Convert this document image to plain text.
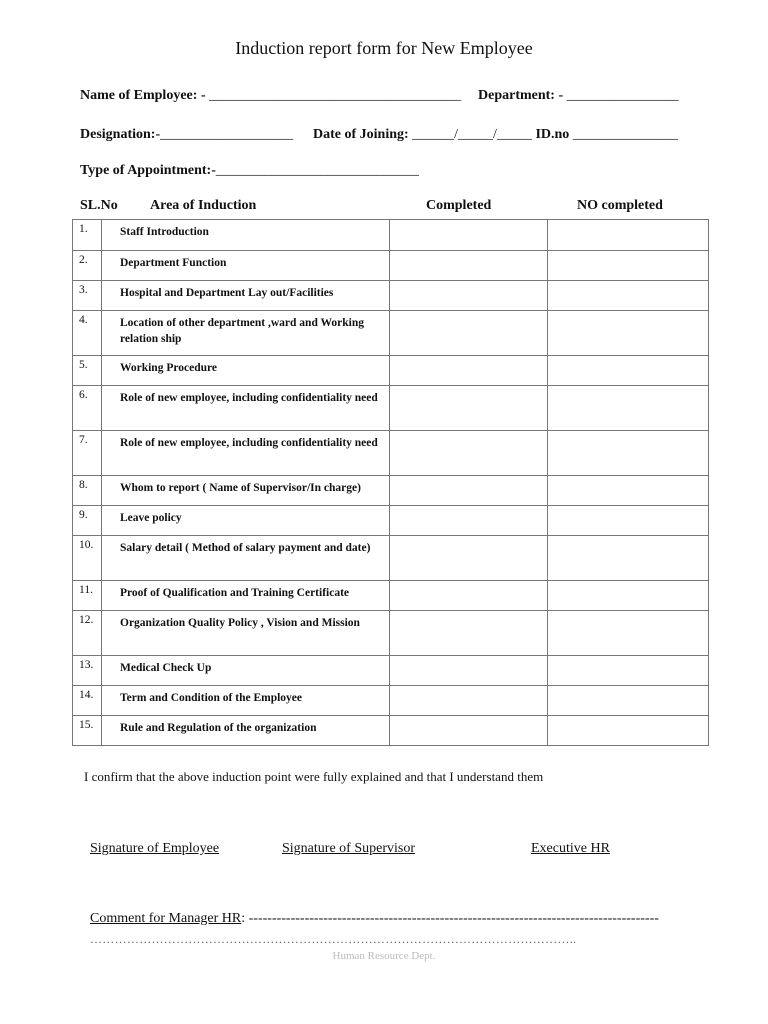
Induction report form for New Employee
Name of Employee: - ____________________________________ Department: - ________________
Designation:-___________________ Date of Joining: ______/_____/_____ ID.no _______________
Type of Appointment:-_____________________________
SL.No Area of Induction	Completed	NO completed
1.	Staff Introduction		
2.	Department Function		
3.	Hospital and Department Lay out/Facilities		
4.	Location of other department ,ward and Working relation ship		
5.	Working Procedure		
6.	Role of new employee, including confidentiality need		
7.	Role of new employee, including confidentiality need		
8.	Whom to report ( Name of Supervisor/In charge)		
9.	Leave policy		
10.	Salary detail ( Method of salary payment and date)		
11.	Proof of Qualification and Training Certificate		
12.	Organization Quality Policy , Vision and Mission		
13.	Medical Check Up		
14.	Term and Condition of the Employee		
15.	Rule and Regulation of the organization		
I confirm that the above induction point were fully explained and that I understand them
Signature of Employee	Signature of Supervisor	Executive HR
Comment for Manager HR: ----------------------------------------------------------------------------------------
………………………………………………………………………………………………………..
Human Resource Dept.
